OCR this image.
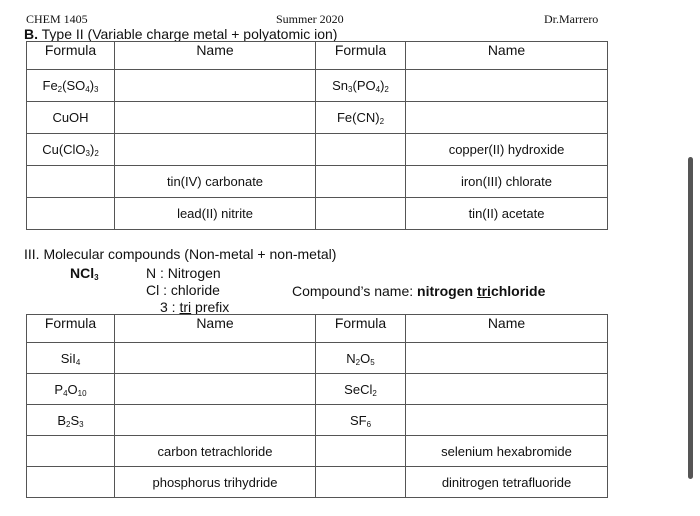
CHEM 1405	Summer 2020	Dr.Marrero
B. Type II (Variable charge metal + polyatomic ion)
Formula	Name	Formula	Name
$Fe_2(SO_4)_3$		$Sn_3(PO_4)_2$	
CuOH		$Fe(CN)_2$	
$Cu(ClO_3)_2$			copper(II) hydroxide
	tin(IV) carbonate		iron(III) chlorate
	lead(II) nitrite		tin(II) acetate
III. Molecular compounds (Non-metal + non-metal)
NCl$_3$	N : Nitrogen
Cl : chloride
3 : tri prefix
Compound’s name: nitrogen trichloride
Formula	Name	Formula	Name
SiI$_4$		$N_2O_5$	
$P_4O_{10}$		SeCl$_2$	
$B_2S_3$		$SF_6$	
	carbon tetrachloride		selenium hexabromide
	phosphorus trihydride		dinitrogen tetrafluoride
